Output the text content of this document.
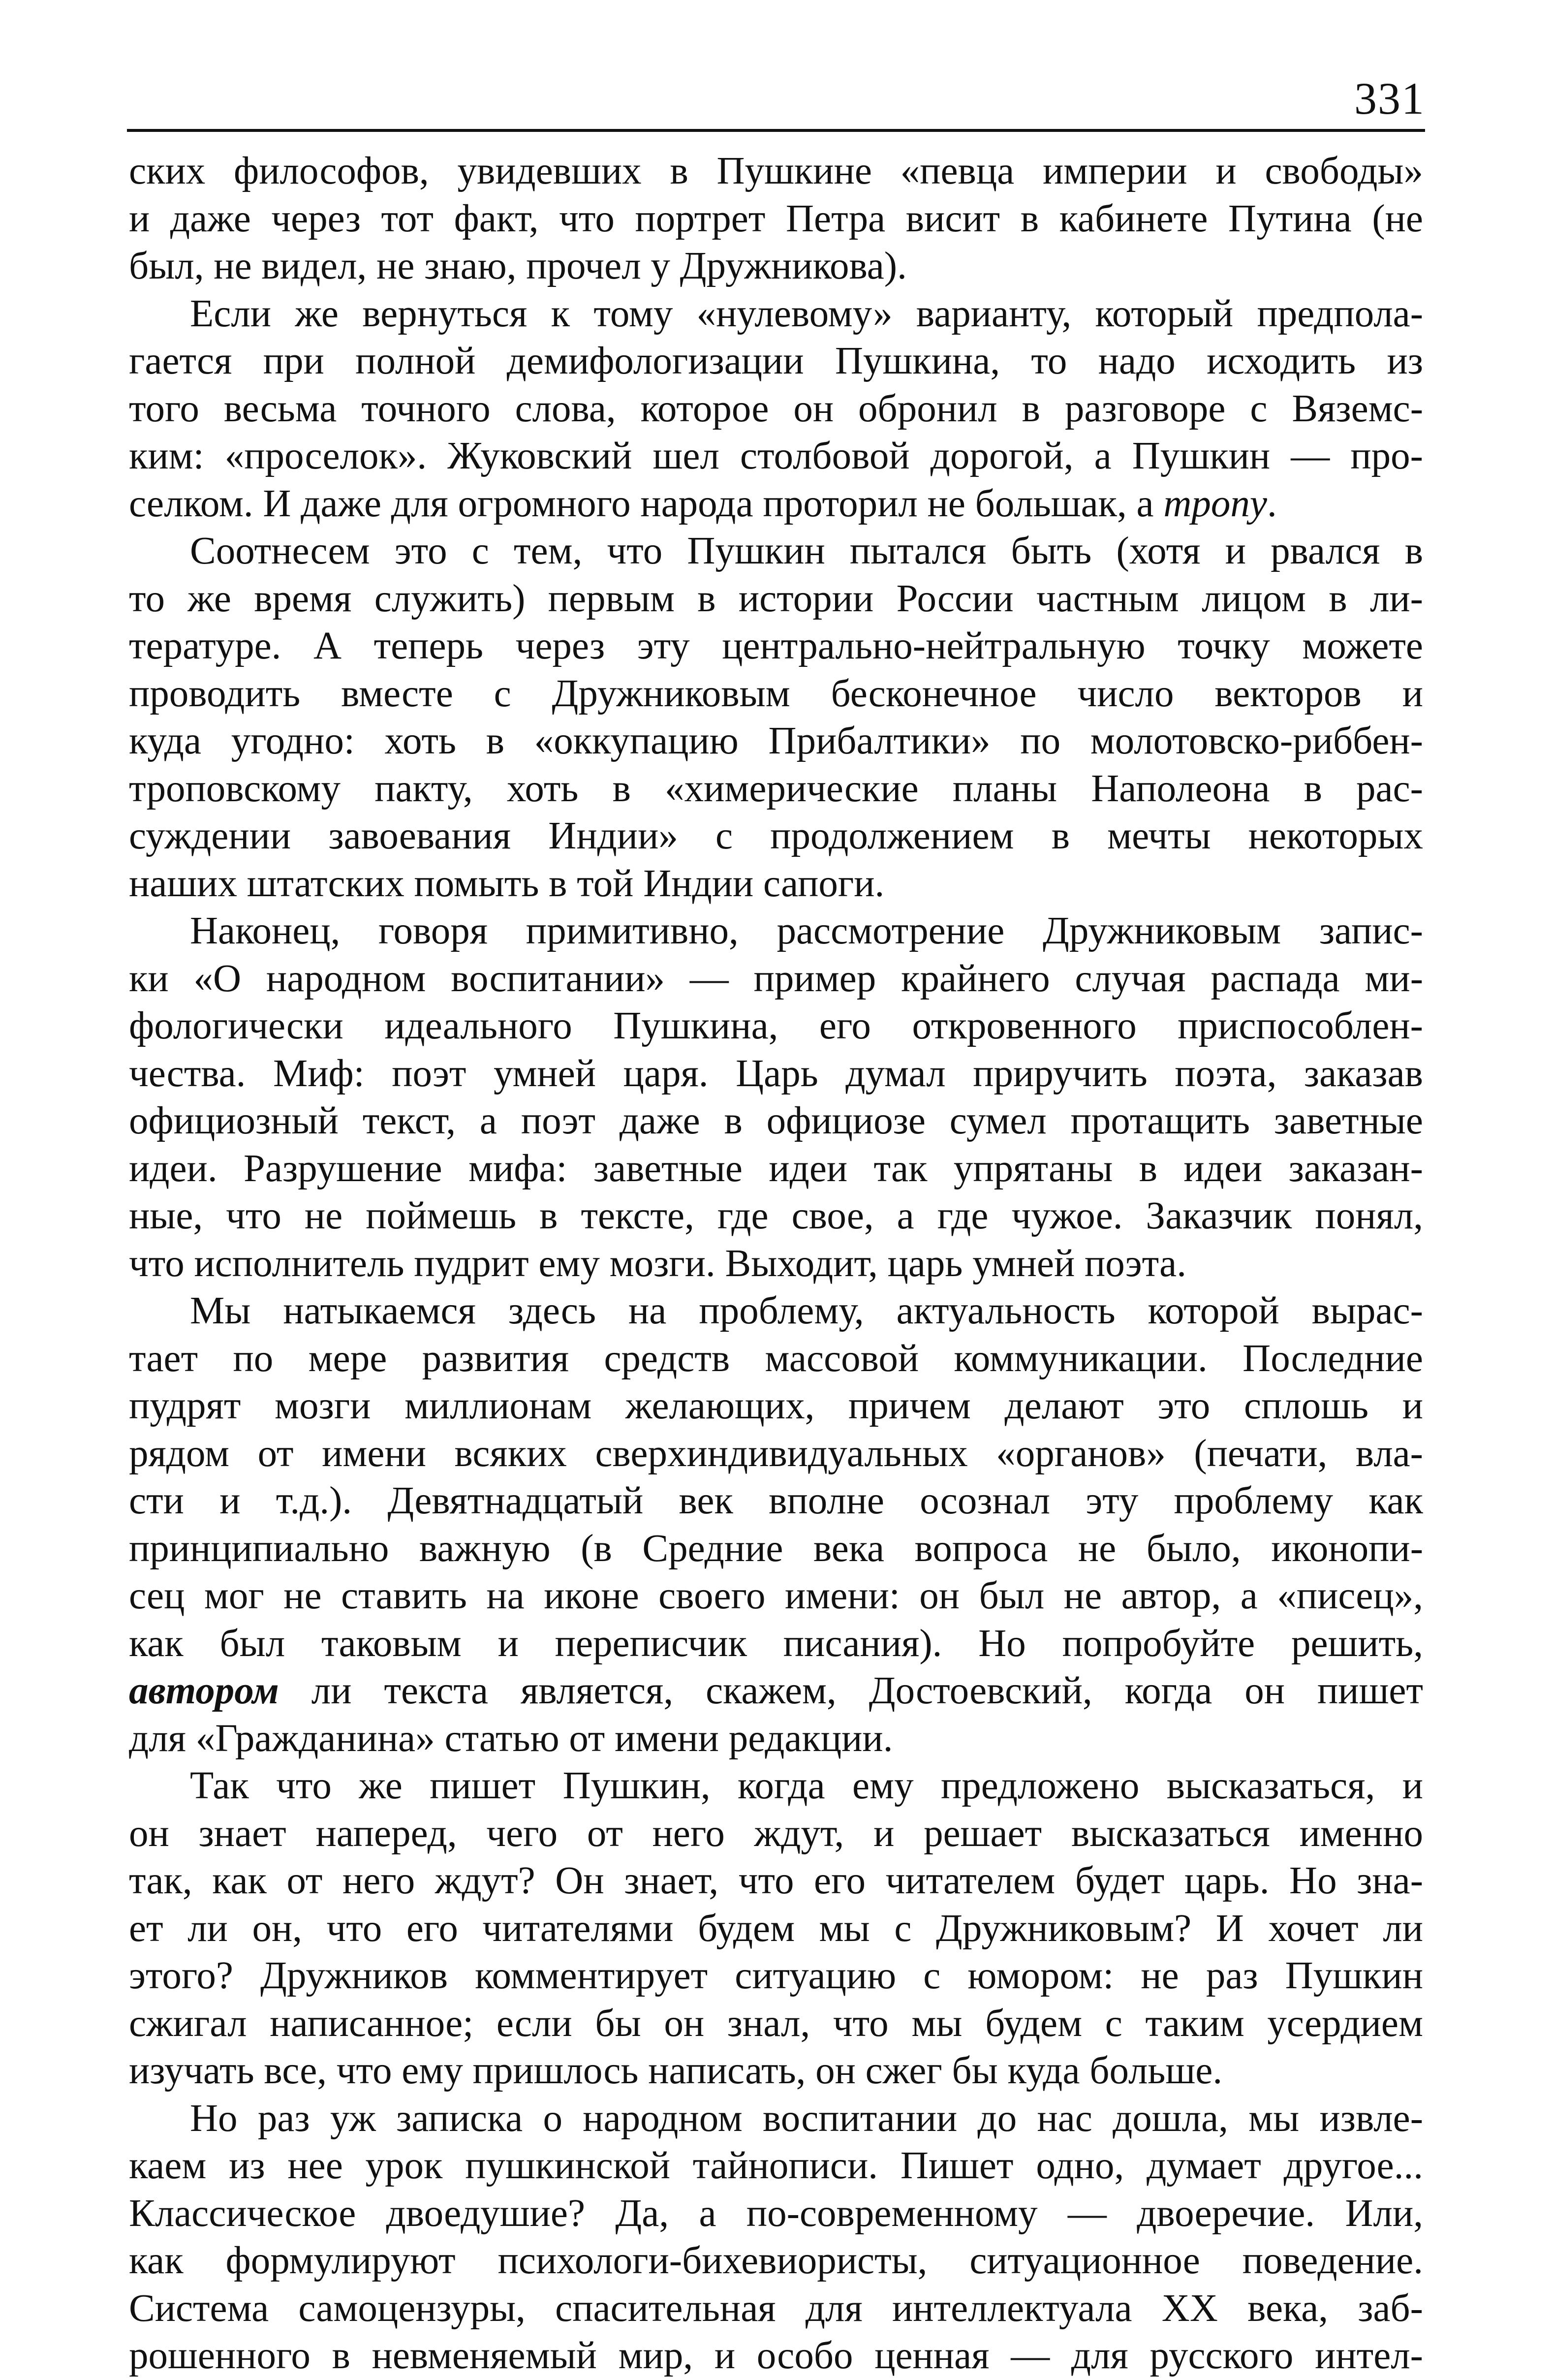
331
ских философов, увидевших в Пушкине «певца империи и свободы»
и даже через тот факт, что портрет Петра висит в кабинете Путина (не
был, не видел, не знаю, прочел у Дружникова).
Если же вернуться к тому «нулевому» варианту, который предпола-
гается при полной демифологизации Пушкина, то надо исходить из
того весьма точного слова, которое он обронил в разговоре с Вяземс-
ким: «проселок». Жуковский шел столбовой дорогой, а Пушкин — про-
селком. И даже для огромного народа проторил не большак, а тропу.
Соотнесем это с тем, что Пушкин пытался быть (хотя и рвался в
то же время служить) первым в истории России частным лицом в ли-
тературе. А теперь через эту центрально-нейтральную точку можете
проводить вместе с Дружниковым бесконечное число векторов и
куда угодно: хоть в «оккупацию Прибалтики» по молотовско-риббен-
троповскому пакту, хоть в «химерические планы Наполеона в рас-
суждении завоевания Индии» с продолжением в мечты некоторых
наших штатских помыть в той Индии сапоги.
Наконец, говоря примитивно, рассмотрение Дружниковым запис-
ки «О народном воспитании» — пример крайнего случая распада ми-
фологически идеального Пушкина, его откровенного приспособлен-
чества. Миф: поэт умней царя. Царь думал приручить поэта, заказав
официозный текст, а поэт даже в официозе сумел протащить заветные
идеи. Разрушение мифа: заветные идеи так упрятаны в идеи заказан-
ные, что не поймешь в тексте, где свое, а где чужое. Заказчик понял,
что исполнитель пудрит ему мозги. Выходит, царь умней поэта.
Мы натыкаемся здесь на проблему, актуальность которой вырас-
тает по мере развития средств массовой коммуникации. Последние
пудрят мозги миллионам желающих, причем делают это сплошь и
рядом от имени всяких сверхиндивидуальных «органов» (печати, вла-
сти и т.д.). Девятнадцатый век вполне осознал эту проблему как
принципиально важную (в Средние века вопроса не было, иконопи-
сец мог не ставить на иконе своего имени: он был не автор, а «писец»,
как был таковым и переписчик писания). Но попробуйте решить,
автором ли текста является, скажем, Достоевский, когда он пишет
для «Гражданина» статью от имени редакции.
Так что же пишет Пушкин, когда ему предложено высказаться, и
он знает наперед, чего от него ждут, и решает высказаться именно
так, как от него ждут? Он знает, что его читателем будет царь. Но зна-
ет ли он, что его читателями будем мы с Дружниковым? И хочет ли
этого? Дружников комментирует ситуацию с юмором: не раз Пушкин
сжигал написанное; если бы он знал, что мы будем с таким усердием
изучать все, что ему пришлось написать, он сжег бы куда больше.
Но раз уж записка о народном воспитании до нас дошла, мы извле-
каем из нее урок пушкинской тайнописи. Пишет одно, думает другое...
Классическое двоедушие? Да, а по-современному — двоеречие. Или,
как формулируют психологи-бихевиористы, ситуационное поведение.
Система самоцензуры, спасительная для интеллектуала XX века, заб-
рошенного в невменяемый мир, и особо ценная — для русского интел-
